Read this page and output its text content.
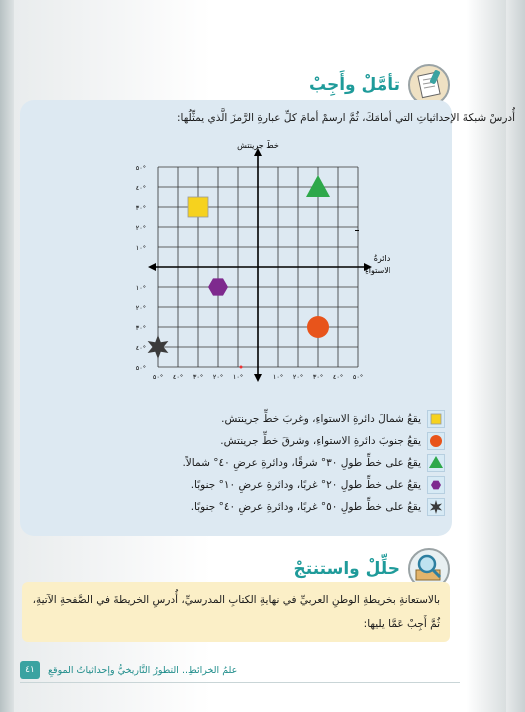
تأمَّلْ وأَجِبْ
أُدرسْ شبكةَ الإحداثياتِ التي أمامَكَ، ثُمَّ ارسمْ أمامَ كلِّ عبارةِ الرَّمزَ الَّذي يمثِّلُها:
خطُّ جرينتش
دائرةُ
الاستواءِ
٥٠°
٤٠°
٣٠°
٢٠°
١٠°
١٠°
٢٠°
٣٠°
٤٠°
٥٠°
٥٠° ٤٠° ٣٠° ٢٠° ١٠° ٠ ١٠° ٢٠° ٣٠° ٤٠° ٥٠°
يقعُ شمالَ دائرةِ الاستواءِ، وغربَ خطِّ جرينتش.
يقعُ جنوبَ دائرةِ الاستواءِ، وشرقَ خطِّ جرينتش.
يقعُ على خطِّ طولِ ٣٠° شرقًا، ودائرةِ عرضِ ٤٠° شمالاً.
يقعُ على خطِّ طولِ ٢٠° غربًا، ودائرةِ عرضِ ١٠° جنوبًا.
يقعُ على خطِّ طولِ ٥٠° غربًا، ودائرةِ عرضِ ٤٠° جنوبًا.
حلِّلْ واستنتجْ
بالاستعانةِ بخريطةِ الوطنِ العربيِّ في نهايةِ الكتابِ المدرسيِّ، أُدرسِ الخريطةَ في الصَّفحةِ الآتيةِ، ثُمَّ أَجِبْ عَمَّا يليها:
٤١	علمُ الخرائطِ.. التطورُ التَّاريخيُّ وإحداثياتُ الموقعِ
